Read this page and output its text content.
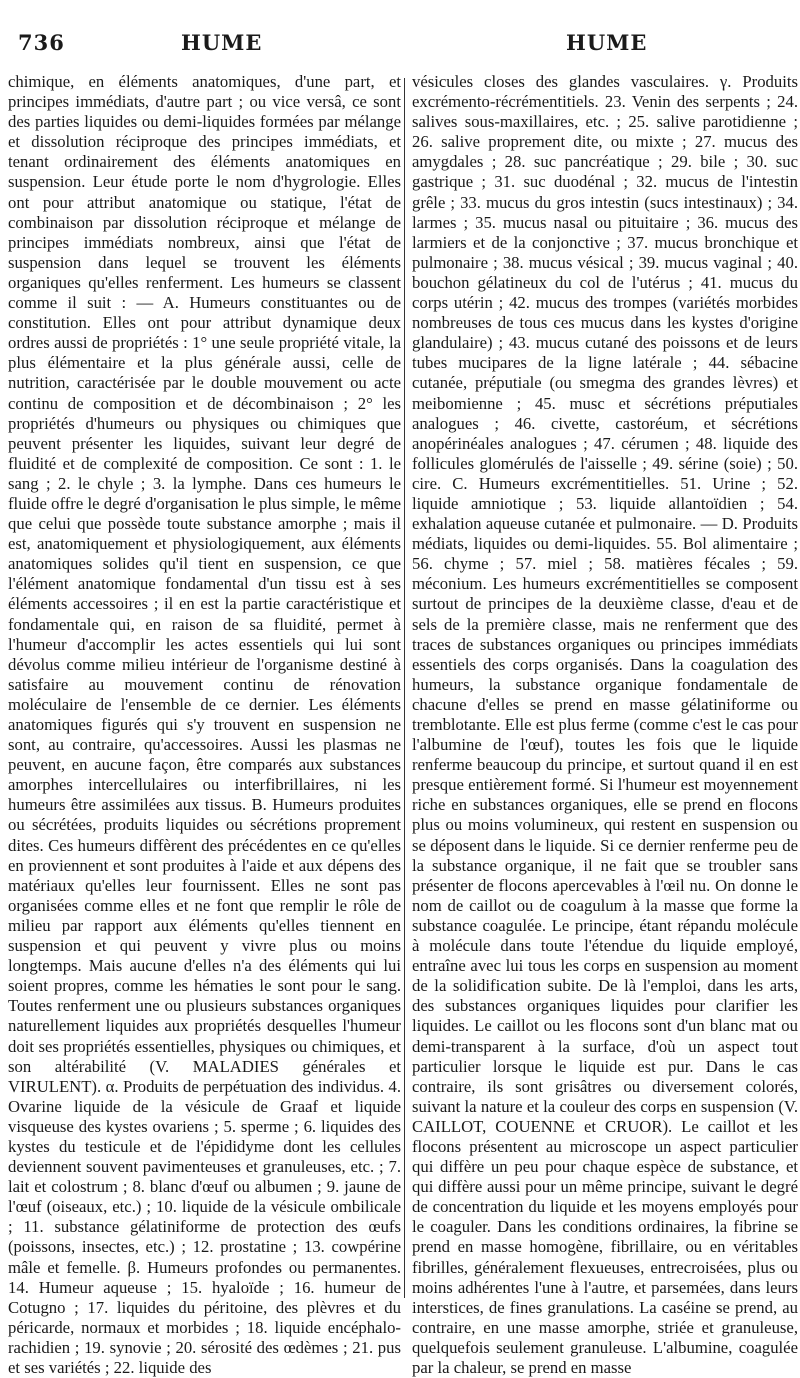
736	HUME	HUME

chimique, en éléments anatomiques, d'une part, et principes immédiats, d'autre part ; ou vice versâ, ce sont des parties liquides ou demi-liquides formées par mélange et dissolution réciproque des principes immédiats, et tenant ordinairement des éléments anatomiques en suspension. Leur étude porte le nom d'hygrologie. Elles ont pour attribut anatomique ou statique, l'état de combinaison par dissolution réciproque et mélange de principes immédiats nombreux, ainsi que l'état de suspension dans lequel se trouvent les éléments organiques qu'elles renferment. Les humeurs se classent comme il suit : — A. Humeurs constituantes ou de constitution. Elles ont pour attribut dynamique deux ordres aussi de propriétés : 1° une seule propriété vitale, la plus élémentaire et la plus générale aussi, celle de nutrition, caractérisée par le double mouvement ou acte continu de composition et de décombinaison ; 2° les propriétés d'humeurs ou physiques ou chimiques que peuvent présenter les liquides, suivant leur degré de fluidité et de complexité de composition. Ce sont : 1. le sang ; 2. le chyle ; 3. la lymphe. Dans ces humeurs le fluide offre le degré d'organisation le plus simple, le même que celui que possède toute substance amorphe ; mais il est, anatomiquement et physiologiquement, aux éléments anatomiques solides qu'il tient en suspension, ce que l'élément anatomique fondamental d'un tissu est à ses éléments accessoires ; il en est la partie caractéristique et fondamentale qui, en raison de sa fluidité, permet à l'humeur d'accomplir les actes essentiels qui lui sont dévolus comme milieu intérieur de l'organisme destiné à satisfaire au mouvement continu de rénovation moléculaire de l'ensemble de ce dernier. Les éléments anatomiques figurés qui s'y trouvent en suspension ne sont, au contraire, qu'accessoires. Aussi les plasmas ne peuvent, en aucune façon, être comparés aux substances amorphes intercellulaires ou interfibrillaires, ni les humeurs être assimilées aux tissus. B. Humeurs produites ou sécrétées, produits liquides ou sécrétions proprement dites. Ces humeurs diffèrent des précédentes en ce qu'elles en proviennent et sont produites à l'aide et aux dépens des matériaux qu'elles leur fournissent. Elles ne sont pas organisées comme elles et ne font que remplir le rôle de milieu par rapport aux éléments qu'elles tiennent en suspension et qui peuvent y vivre plus ou moins longtemps. Mais aucune d'elles n'a des éléments qui lui soient propres, comme les hématies le sont pour le sang. Toutes renferment une ou plusieurs substances organiques naturellement liquides aux propriétés desquelles l'humeur doit ses propriétés essentielles, physiques ou chimiques, et son altérabilité (V. MALADIES générales et VIRULENT). α. Produits de perpétuation des individus. 4. Ovarine liquide de la vésicule de Graaf et liquide visqueuse des kystes ovariens ; 5. sperme ; 6. liquides des kystes du testicule et de l'épididyme dont les cellules deviennent souvent pavimenteuses et granuleuses, etc. ; 7. lait et colostrum ; 8. blanc d'œuf ou albumen ; 9. jaune de l'œuf (oiseaux, etc.) ; 10. liquide de la vésicule ombilicale ; 11. substance gélatiniforme de protection des œufs (poissons, insectes, etc.) ; 12. prostatine ; 13. cowpérine mâle et femelle. β. Humeurs profondes ou permanentes. 14. Humeur aqueuse ; 15. hyaloïde ; 16. humeur de Cotugno ; 17. liquides du péritoine, des plèvres et du péricarde, normaux et morbides ; 18. liquide encéphalo-rachidien ; 19. synovie ; 20. sérosité des œdèmes ; 21. pus et ses variétés ; 22. liquide des

vésicules closes des glandes vasculaires. γ. Produits excrémento-récrémentitiels. 23. Venin des serpents ; 24. salives sous-maxillaires, etc. ; 25. salive parotidienne ; 26. salive proprement dite, ou mixte ; 27. mucus des amygdales ; 28. suc pancréatique ; 29. bile ; 30. suc gastrique ; 31. suc duodénal ; 32. mucus de l'intestin grêle ; 33. mucus du gros intestin (sucs intestinaux) ; 34. larmes ; 35. mucus nasal ou pituitaire ; 36. mucus des larmiers et de la conjonctive ; 37. mucus bronchique et pulmonaire ; 38. mucus vésical ; 39. mucus vaginal ; 40. bouchon gélatineux du col de l'utérus ; 41. mucus du corps utérin ; 42. mucus des trompes (variétés morbides nombreuses de tous ces mucus dans les kystes d'origine glandulaire) ; 43. mucus cutané des poissons et de leurs tubes mucipares de la ligne latérale ; 44. sébacine cutanée, préputiale (ou smegma des grandes lèvres) et meibomienne ; 45. musc et sécrétions préputiales analogues ; 46. civette, castoréum, et sécrétions anopérinéales analogues ; 47. cérumen ; 48. liquide des follicules glomérulés de l'aisselle ; 49. sérine (soie) ; 50. cire. C. Humeurs excrémentitielles. 51. Urine ; 52. liquide amniotique ; 53. liquide allantoïdien ; 54. exhalation aqueuse cutanée et pulmonaire. — D. Produits médiats, liquides ou demi-liquides. 55. Bol alimentaire ; 56. chyme ; 57. miel ; 58. matières fécales ; 59. méconium. Les humeurs excrémentitielles se composent surtout de principes de la deuxième classe, d'eau et de sels de la première classe, mais ne renferment que des traces de substances organiques ou principes immédiats essentiels des corps organisés. Dans la coagulation des humeurs, la substance organique fondamentale de chacune d'elles se prend en masse gélatiniforme ou tremblotante. Elle est plus ferme (comme c'est le cas pour l'albumine de l'œuf), toutes les fois que le liquide renferme beaucoup du principe, et surtout quand il en est presque entièrement formé. Si l'humeur est moyennement riche en substances organiques, elle se prend en flocons plus ou moins volumineux, qui restent en suspension ou se déposent dans le liquide. Si ce dernier renferme peu de la substance organique, il ne fait que se troubler sans présenter de flocons apercevables à l'œil nu. On donne le nom de caillot ou de coagulum à la masse que forme la substance coagulée. Le principe, étant répandu molécule à molécule dans toute l'étendue du liquide employé, entraîne avec lui tous les corps en suspension au moment de la solidification subite. De là l'emploi, dans les arts, des substances organiques liquides pour clarifier les liquides. Le caillot ou les flocons sont d'un blanc mat ou demi-transparent à la surface, d'où un aspect tout particulier lorsque le liquide est pur. Dans le cas contraire, ils sont grisâtres ou diversement colorés, suivant la nature et la couleur des corps en suspension (V. CAILLOT, COUENNE et CRUOR). Le caillot et les flocons présentent au microscope un aspect particulier qui diffère un peu pour chaque espèce de substance, et qui diffère aussi pour un même principe, suivant le degré de concentration du liquide et les moyens employés pour le coaguler. Dans les conditions ordinaires, la fibrine se prend en masse homogène, fibrillaire, ou en véritables fibrilles, généralement flexueuses, entrecroisées, plus ou moins adhérentes l'une à l'autre, et parsemées, dans leurs interstices, de fines granulations. La caséine se prend, au contraire, en une masse amorphe, striée et granuleuse, quelquefois seulement granuleuse. L'albumine, coagulée par la chaleur, se prend en masse
